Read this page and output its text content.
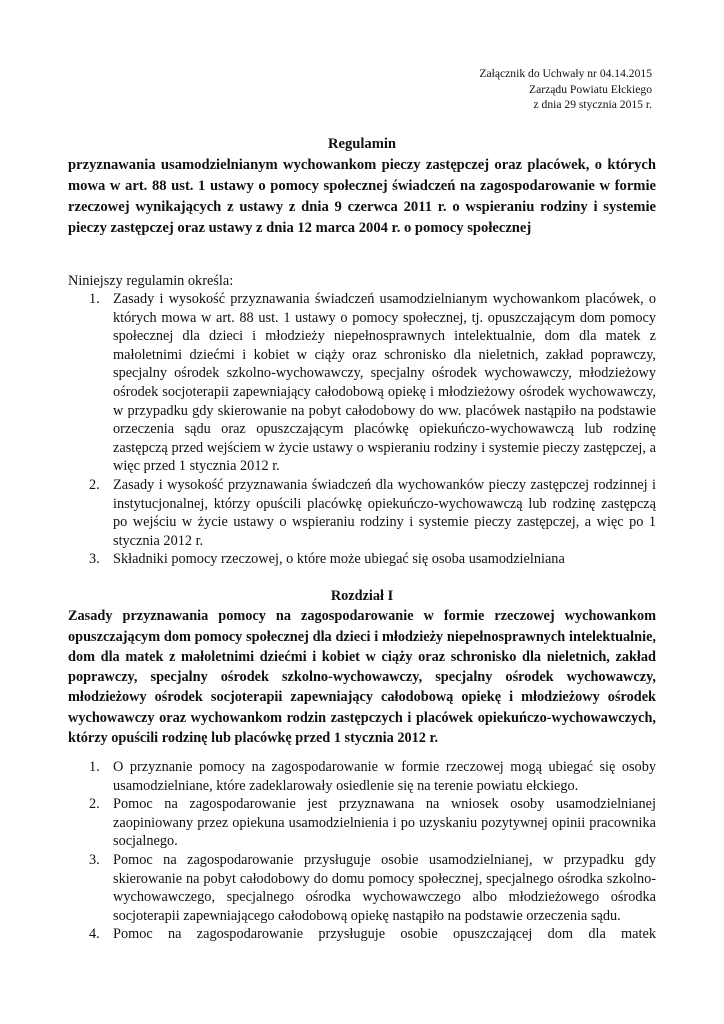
Załącznik do Uchwały nr 04.14.2015
Zarządu Powiatu Ełckiego
z dnia 29 stycznia 2015 r.
Regulamin
przyznawania usamodzielnianym wychowankom pieczy zastępczej oraz placówek, o których mowa w art. 88 ust. 1 ustawy o pomocy społecznej świadczeń na zagospodarowanie w formie rzeczowej wynikających z ustawy z dnia 9 czerwca 2011 r. o wspieraniu rodziny i systemie pieczy zastępczej oraz ustawy z dnia 12 marca 2004 r. o pomocy społecznej
Niniejszy regulamin określa:
1. Zasady i wysokość przyznawania świadczeń usamodzielnianym wychowankom placówek, o których mowa w art. 88 ust. 1 ustawy o pomocy społecznej, tj. opuszczającym dom pomocy społecznej dla dzieci i młodzieży niepełnosprawnych intelektualnie, dom dla matek z małoletnimi dziećmi i kobiet w ciąży oraz schronisko dla nieletnich, zakład poprawczy, specjalny ośrodek szkolno-wychowawczy, specjalny ośrodek wychowawczy, młodzieżowy ośrodek socjoterapii zapewniający całodobową opiekę i młodzieżowy ośrodek wychowawczy, w przypadku gdy skierowanie na pobyt całodobowy do ww. placówek nastąpiło na podstawie orzeczenia sądu oraz opuszczającym placówkę opiekuńczo-wychowawczą lub rodzinę zastępczą przed wejściem w życie ustawy o wspieraniu rodziny i systemie pieczy zastępczej, a więc przed 1 stycznia 2012 r.
2. Zasady i wysokość przyznawania świadczeń dla wychowanków pieczy zastępczej rodzinnej i instytucjonalnej, którzy opuścili placówkę opiekuńczo-wychowawczą lub rodzinę zastępczą po wejściu w życie ustawy o wspieraniu rodziny i systemie pieczy zastępczej, a więc po 1 stycznia 2012 r.
3. Składniki pomocy rzeczowej, o które może ubiegać się osoba usamodzielniana
Rozdział I
Zasady przyznawania pomocy na zagospodarowanie w formie rzeczowej wychowankom opuszczającym dom pomocy społecznej dla dzieci i młodzieży niepełnosprawnych intelektualnie, dom dla matek z małoletnimi dziećmi i kobiet w ciąży oraz schronisko dla nieletnich, zakład poprawczy, specjalny ośrodek szkolno-wychowawczy, specjalny ośrodek wychowawczy, młodzieżowy ośrodek socjoterapii zapewniający całodobową opiekę i młodzieżowy ośrodek wychowawczy oraz wychowankom rodzin zastępczych i placówek opiekuńczo-wychowawczych, którzy opuścili rodzinę lub placówkę przed 1 stycznia 2012 r.
1. O przyznanie pomocy na zagospodarowanie w formie rzeczowej mogą ubiegać się osoby usamodzielniane, które zadeklarowały osiedlenie się na terenie powiatu ełckiego.
2. Pomoc na zagospodarowanie jest przyznawana na wniosek osoby usamodzielnianej zaopiniowany przez opiekuna usamodzielnienia i po uzyskaniu pozytywnej opinii pracownika socjalnego.
3. Pomoc na zagospodarowanie przysługuje osobie usamodzielnianej, w przypadku gdy skierowanie na pobyt całodobowy do domu pomocy społecznej, specjalnego ośrodka szkolno-wychowawczego, specjalnego ośrodka wychowawczego albo młodzieżowego ośrodka socjoterapii zapewniającego całodobową opiekę nastąpiło na podstawie orzeczenia sądu.
4. Pomoc na zagospodarowanie przysługuje osobie opuszczającej dom dla matek
